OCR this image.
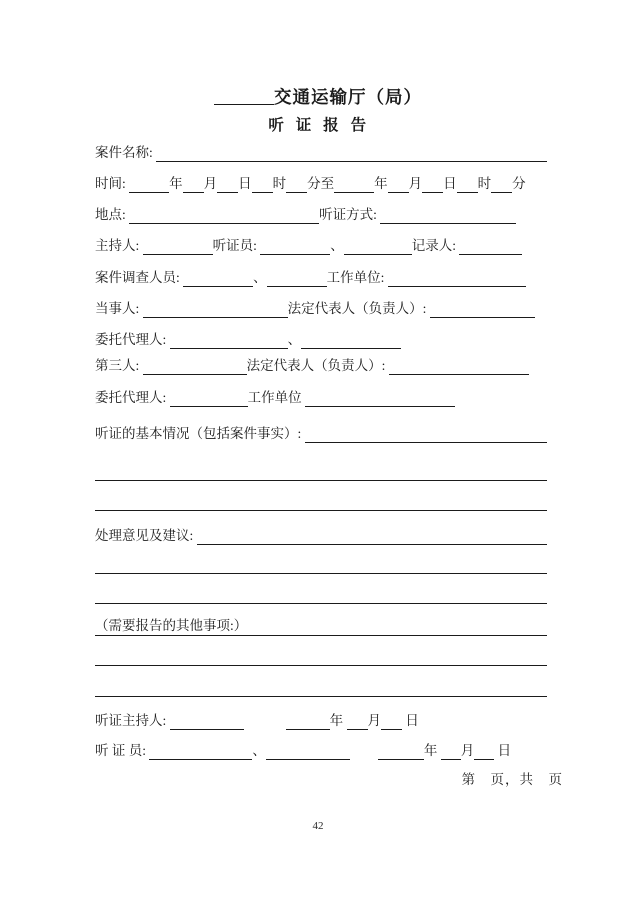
交通运输厅（局）
听 证 报 告
案件名称:
时间:	年 月 日 时 分至	年 月 日 时 分
地点:	听证方式:
主持人:	听证员:	、	记录人:
案件调查人员:	、	工作单位:
当事人:	法定代表人（负责人）:
委托代理人:	、
第三人:	法定代表人（负责人）:
委托代理人:	工作单位
听证的基本情况（包括案件事实）:
处理意见及建议:
（需要报告的其他事项:）
听证主持人:	年 月 日
听 证 员:	、	年 月 日
第　页，共　页
42
